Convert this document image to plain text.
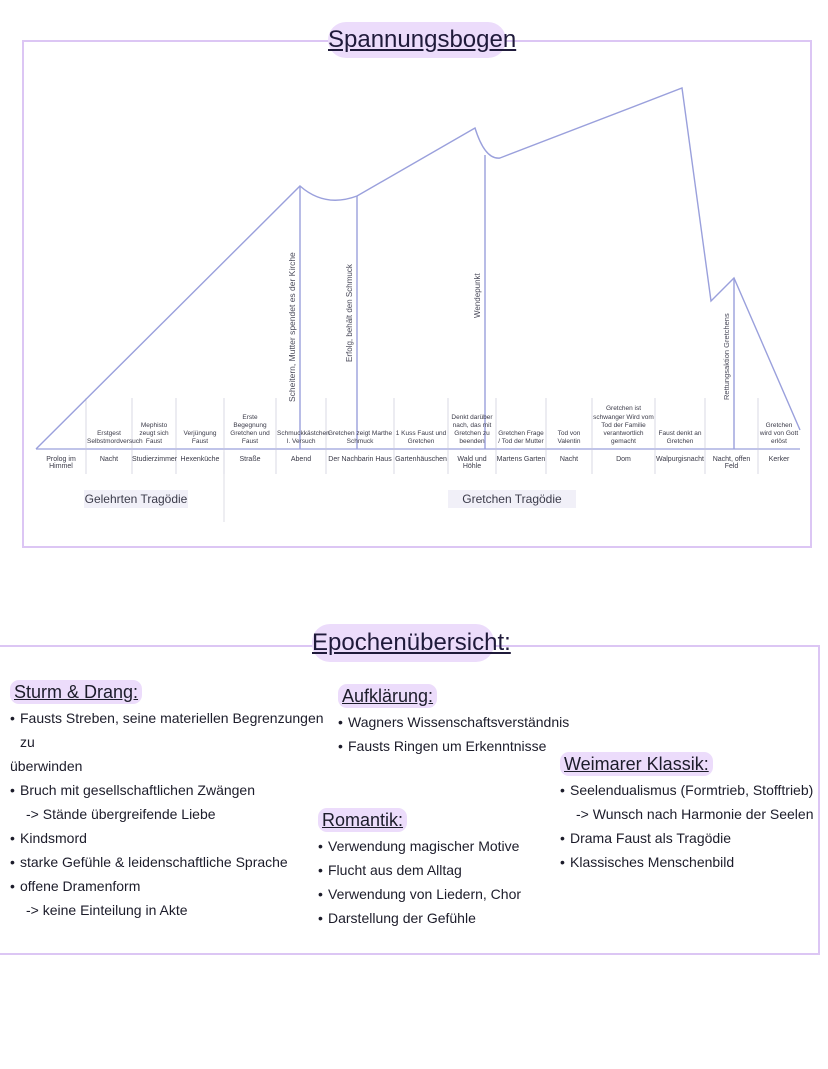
Spannungsbogen
Scheitern, Mutter spendet es der Kirche	Erfolg, behält den Schmuck	Wendepunkt
Rettungsaktion Gretchens
Prolog im Himmel
Erstgest Selbstmordversuch
Nacht
Mephisto zeugt sich Faust
Studierzimmer
Verjüngung Faust
Hexenküche
Erste Begegnung Gretchen und Faust
Straße
Schmuckkästchen I. Versuch
Abend
Gretchen zeigt Marthe Schmuck
Der Nachbarin Haus
1 Kuss Faust und Gretchen
Gartenhäuschen
Denkt darüber nach, das mit Gretchen zu beenden
Wald und Höhle
Gretchen Frage / Tod der Mutter
Martens Garten
Tod von Valentin
Nacht
Gretchen ist schwanger Wird vom Tod der Familie verantwortlich gemacht
Dom
Faust denkt an Gretchen
Walpurgisnacht	Nacht, offen Feld
Gretchen wird von Gott erlöst
Kerker
Gelehrten Tragödie	Gretchen Tragödie
Epochenübersicht:
Sturm & Drang:
• Fausts Streben, seine materiellen Begrenzungen zu
überwinden
• Bruch mit gesellschaftlichen Zwängen
-> Stände übergreifende Liebe
• Kindsmord
• starke Gefühle & leidenschaftliche Sprache
• offene Dramenform
-> keine Einteilung in Akte
Aufklärung:
• Wagners Wissenschaftsverständnis
• Fausts Ringen um Erkenntnisse
Romantik:
• Verwendung magischer Motive
• Flucht aus dem Alltag
• Verwendung von Liedern, Chor
• Darstellung der Gefühle
Weimarer Klassik:
• Seelendualismus (Formtrieb, Stofftrieb)
-> Wunsch nach Harmonie der Seelen
• Drama Faust als Tragödie
• Klassisches Menschenbild
